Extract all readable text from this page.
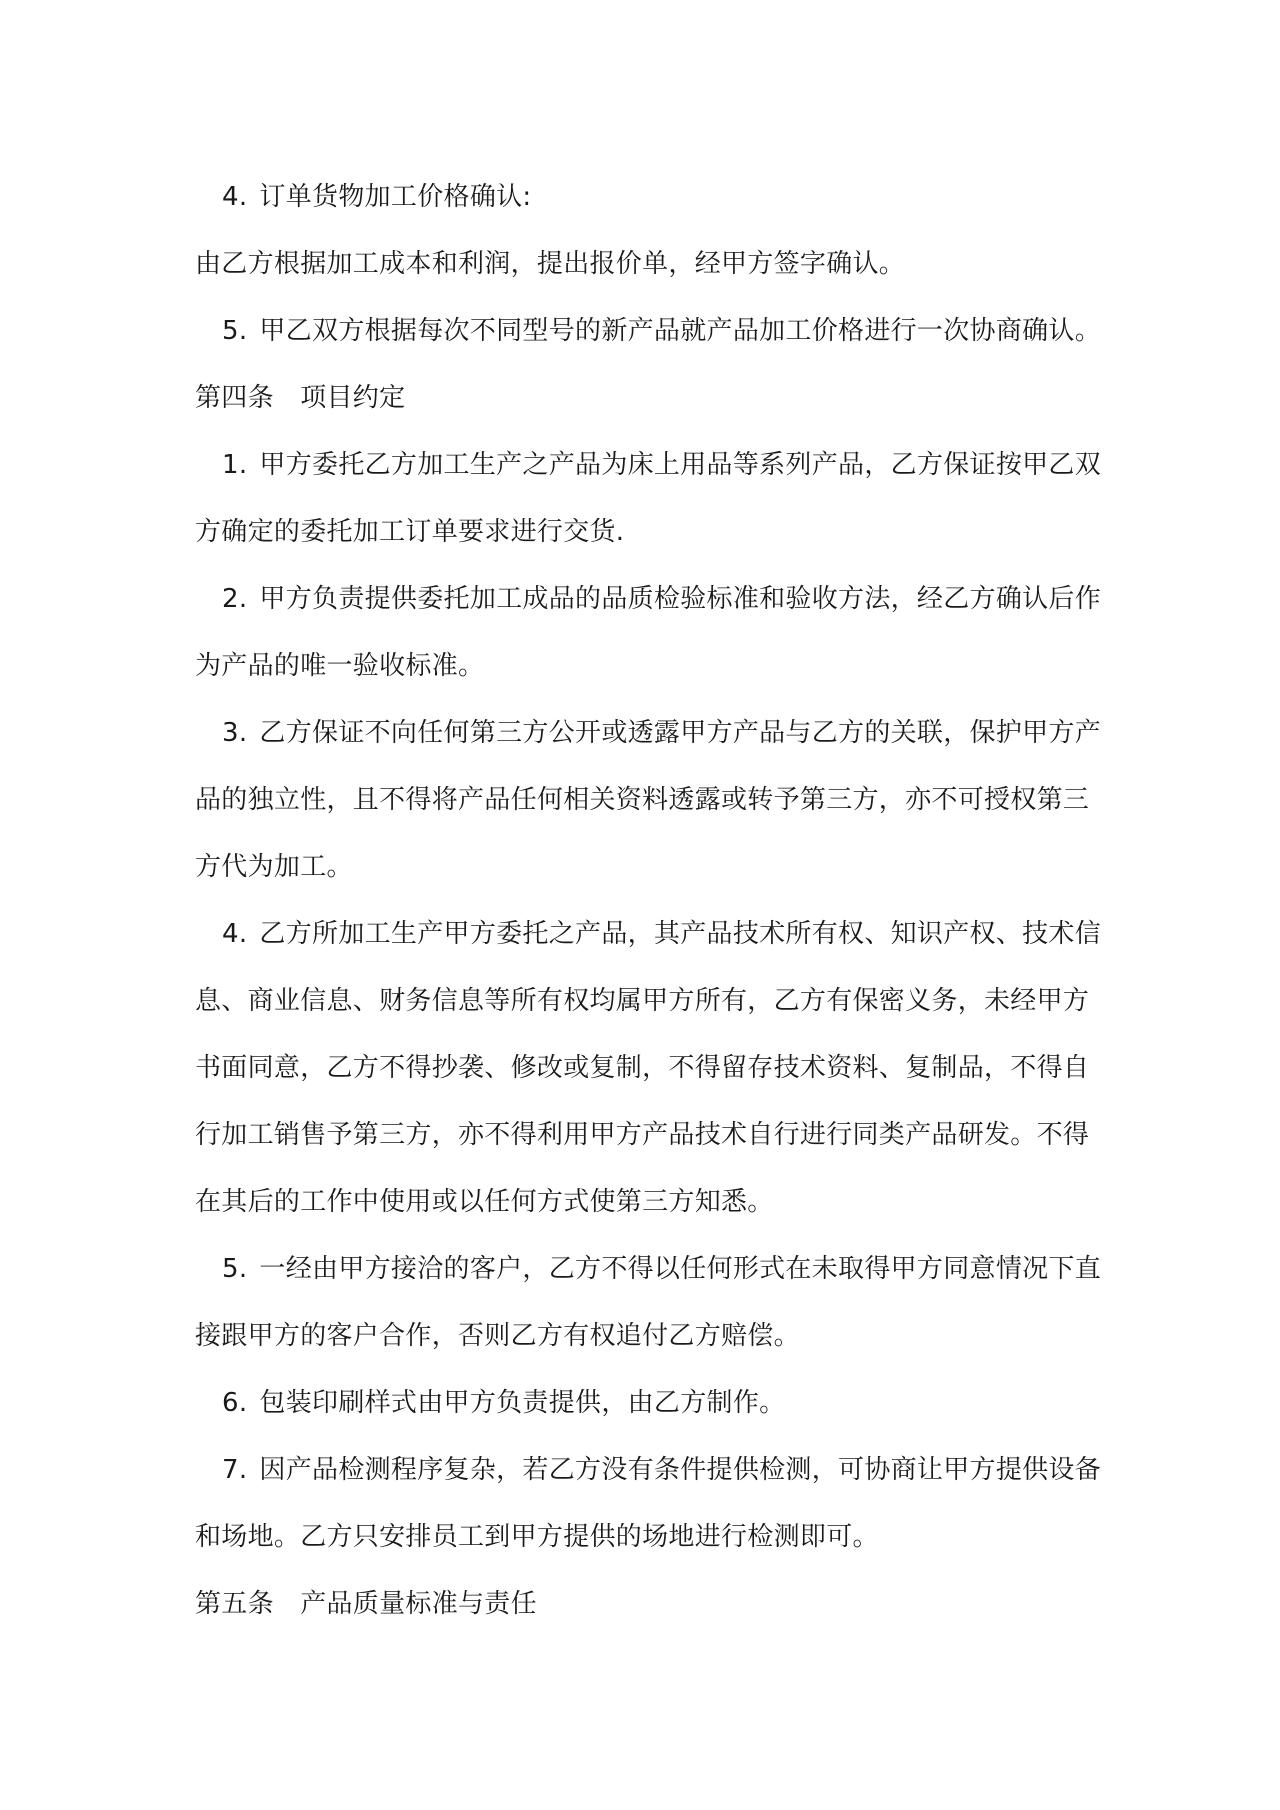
4. 订单货物加工价格确认:
由乙方根据加工成本和利润，提出报价单，经甲方签字确认。
5. 甲乙双方根据每次不同型号的新产品就产品加工价格进行一次协商确认。
第四条　项目约定
1. 甲方委托乙方加工生产之产品为床上用品等系列产品，乙方保证按甲乙双
方确定的委托加工订单要求进行交货.
2. 甲方负责提供委托加工成品的品质检验标准和验收方法，经乙方确认后作
为产品的唯一验收标准。
3. 乙方保证不向任何第三方公开或透露甲方产品与乙方的关联，保护甲方产
品的独立性，且不得将产品任何相关资料透露或转予第三方，亦不可授权第三
方代为加工。
4. 乙方所加工生产甲方委托之产品，其产品技术所有权、知识产权、技术信
息、商业信息、财务信息等所有权均属甲方所有，乙方有保密义务，未经甲方
书面同意，乙方不得抄袭、修改或复制，不得留存技术资料、复制品，不得自
行加工销售予第三方，亦不得利用甲方产品技术自行进行同类产品研发。不得
在其后的工作中使用或以任何方式使第三方知悉。
5. 一经由甲方接洽的客户，乙方不得以任何形式在未取得甲方同意情况下直
接跟甲方的客户合作，否则乙方有权追付乙方赔偿。
6. 包装印刷样式由甲方负责提供，由乙方制作。
7. 因产品检测程序复杂，若乙方没有条件提供检测，可协商让甲方提供设备
和场地。乙方只安排员工到甲方提供的场地进行检测即可。
第五条　产品质量标准与责任
